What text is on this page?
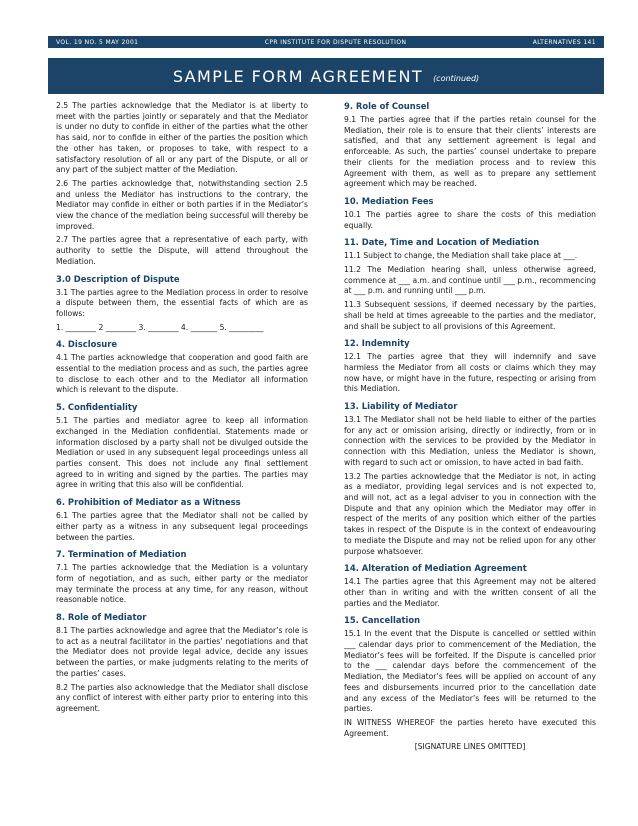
VOL. 19 NO. 5 MAY 2001	CPR INSTITUTE FOR DISPUTE RESOLUTION	ALTERNATIVES 141
SAMPLE FORM AGREEMENT (continued)

2.5 The parties acknowledge that the Mediator is at liberty to meet with the parties jointly or separately and that the Mediator is under no duty to confide in either of the parties what the other has said, nor to confide in either of the parties the position which the other has taken, or proposes to take, with respect to a satisfactory resolution of all or any part of the Dispute, or all or any part of the subject matter of the Mediation.

2.6 The parties acknowledge that, notwithstanding section 2.5 and unless the Mediator has instructions to the contrary, the Mediator may confide in either or both parties if in the Mediator’s view the chance of the mediation being successful will thereby be improved.

2.7 The parties agree that a representative of each party, with authority to settle the Dispute, will attend throughout the Mediation.

3.0 Description of Dispute

3.1 The parties agree to the Mediation process in order to resolve a dispute between them, the essential facts of which are as follows:

1. ________ 2 ________ 3. ________ 4. _______ 5. _________

4. Disclosure

4.1 The parties acknowledge that cooperation and good faith are essential to the mediation process and as such, the parties agree to disclose to each other and to the Mediator all information which is relevant to the dispute.

5. Confidentiality

5.1 The parties and mediator agree to keep all information exchanged in the Mediation confidential. Statements made or information disclosed by a party shall not be divulged outside the Mediation or used in any subsequent legal proceedings unless all parties consent. This does not include any final settlement agreed to in writing and signed by the parties. The parties may agree in writing that this also will be confidential.

6. Prohibition of Mediator as a Witness

6.1 The parties agree that the Mediator shall not be called by either party as a witness in any subsequent legal proceedings between the parties.

7. Termination of Mediation

7.1 The parties acknowledge that the Mediation is a voluntary form of negotiation, and as such, either party or the mediator may terminate the process at any time, for any reason, without reasonable notice.

8. Role of Mediator

8.1 The parties acknowledge and agree that the Mediator’s role is to act as a neutral facilitator in the parties’ negotiations and that the Mediator does not provide legal advice, decide any issues between the parties, or make judgments relating to the merits of the parties’ cases.

8.2 The parties also acknowledge that the Mediator shall disclose any conflict of interest with either party prior to entering into this agreement.

9. Role of Counsel

9.1 The parties agree that if the parties retain counsel for the Mediation, their role is to ensure that their clients’ interests are satisfied, and that any settlement agreement is legal and enforceable. As such, the parties’ counsel undertake to prepare their clients for the mediation process and to review this Agreement with them, as well as to prepare any settlement agreement which may be reached.

10. Mediation Fees

10.1 The parties agree to share the costs of this mediation equally.

11. Date, Time and Location of Mediation

11.1 Subject to change, the Mediation shall take place at ___.

11.2 The Mediation hearing shall, unless otherwise agreed, commence at ___ a.m. and continue until ___ p.m., recommencing at ___ p.m. and running until ___ p.m.

11.3 Subsequent sessions, if deemed necessary by the parties, shall be held at times agreeable to the parties and the mediator, and shall be subject to all provisions of this Agreement.

12. Indemnity

12.1 The parties agree that they will indemnify and save harmless the Mediator from all costs or claims which they may now have, or might have in the future, respecting or arising from this Mediation.

13. Liability of Mediator

13.1 The Mediator shall not be held liable to either of the parties for any act or omission arising, directly or indirectly, from or in connection with the services to be provided by the Mediator in connection with this Mediation, unless the Mediator is shown, with regard to such act or omission, to have acted in bad faith.

13.2 The parties acknowledge that the Mediator is not, in acting as a mediator, providing legal services and is not expected to, and will not, act as a legal adviser to you in connection with the Dispute and that any opinion which the Mediator may offer in respect of the merits of any position which either of the parties takes in respect of the Dispute is in the context of endeavouring to mediate the Dispute and may not be relied upon for any other purpose whatsoever.

14. Alteration of Mediation Agreement

14.1 The parties agree that this Agreement may not be altered other than in writing and with the written consent of all the parties and the Mediator.

15. Cancellation

15.1 In the event that the Dispute is cancelled or settled within ___ calendar days prior to commencement of the Mediation, the Mediator’s fees will be forfeited. If the Dispute is cancelled prior to the ___ calendar days before the commencement of the Mediation, the Mediator’s fees will be applied on account of any fees and disbursements incurred prior to the cancellation date and any excess of the Mediator’s fees will be returned to the parties.

IN WITNESS WHEREOF the parties hereto have executed this Agreement.

[SIGNATURE LINES OMITTED]
